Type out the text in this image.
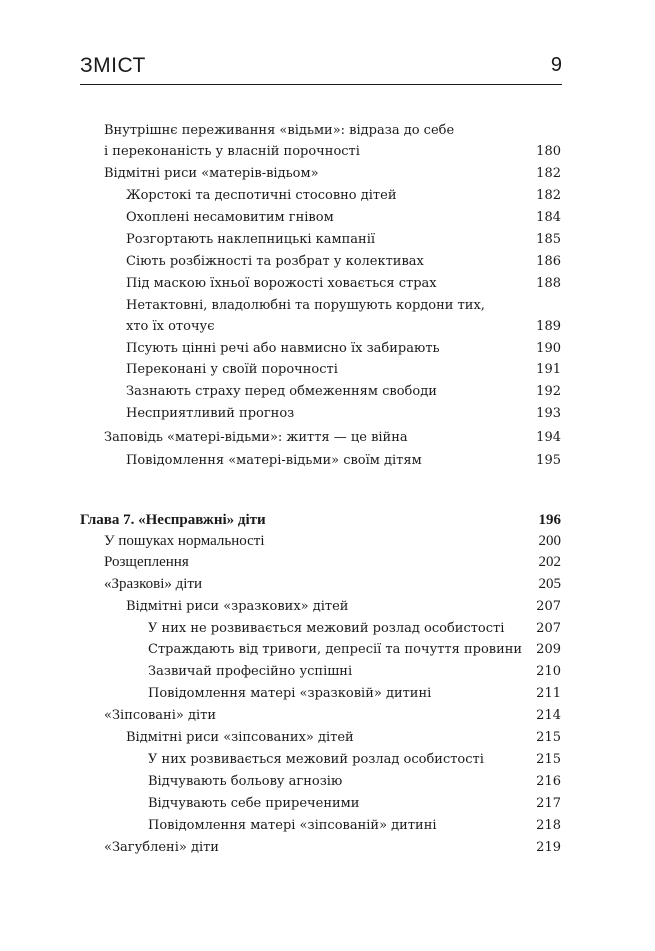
ЗМІСТ	9
Внутрішнє переживання «відьми»: відраза до себе
і переконаність у власній порочності	180
Відмітні риси «матерів-відьом»	182
Жорстокі та деспотичні стосовно дітей	182
Охоплені несамовитим гнівом	184
Розгортають наклепницькі кампанії	185
Сіють розбіжності та розбрат у колективах	186
Під маскою їхньої ворожості ховається страх	188
Нетактовні, владолюбні та порушують кордони тих,
хто їх оточує	189
Псують цінні речі або навмисно їх забирають	190
Переконані у своїй порочності	191
Зазнають страху перед обмеженням свободи	192
Несприятливий прогноз	193
Заповідь «матері-відьми»: життя — це війна	194
Повідомлення «матері-відьми» своїм дітям	195
Глава 7. «Несправжні» діти	196
У пошуках нормальності	200
Розщеплення	202
«Зразкові» діти	205
Відмітні риси «зразкових» дітей	207
У них не розвивається межовий розлад особистості 207
Страждають від тривоги, депресії та почуття провини 209
Зазвичай професійно успішні	210
Повідомлення матері «зразковій» дитині	211
«Зіпсовані» діти	214
Відмітні риси «зіпсованих» дітей	215
У них розвивається межовий розлад особистості	215
Відчувають больову агнозію	216
Відчувають себе приреченими	217
Повідомлення матері «зіпсованій» дитині	218
«Загублені» діти	219
